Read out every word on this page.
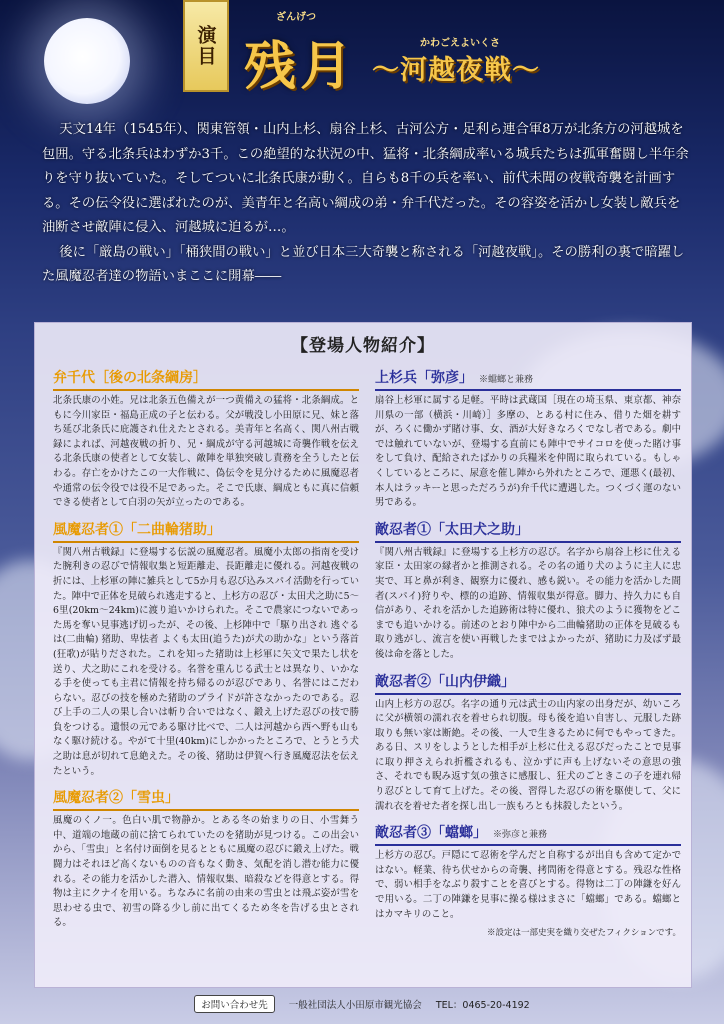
演目
ざんげつ
残月	かわごえよいくさ
～河越夜戦～

天文14年（1545年）、関東管領・山内上杉、扇谷上杉、古河公方・足利ら連合軍8万が北条方の河越城を包囲。守る北条兵はわずか3千。この絶望的な状況の中、猛将・北条綱成率いる城兵たちは孤軍奮闘し半年余りを守り抜いていた。そしてついに北条氏康が動く。自らも8千の兵を率い、前代未聞の夜戦奇襲を計画する。その伝令役に選ばれたのが、美青年と名高い綱成の弟・弁千代だった。その容姿を活かし女装し敵兵を油断させ敵陣に侵入、河越城に迫るが…。

後に「厳島の戦い」「桶狭間の戦い」と並び日本三大奇襲と称される「河越夜戦」。その勝利の裏で暗躍した風魔忍者達の物語いまここに開幕――

【登場人物紹介】
弁千代［後の北条綱房］
北条氏康の小姓。兄は北条五色備えが一つ黄備えの猛将・北条綱成。ともに今川家臣・福島正成の子と伝わる。父が戦没し小田原に兄、妹と落ち延び北条氏に庇護され仕えたとされる。美青年と名高く、関八州古戦録によれば、河越夜戦の折り、兄・綱成が守る河越城に奇襲作戦を伝える北条氏康の使者として女装し、敵陣を単独突破し責務を全うしたと伝わる。存亡をかけたこの一大作戦に、偽伝令を見分けるために風魔忍者や通常の伝令役では役不足であった。そこで氏康、綱成ともに真に信頼できる使者として白羽の矢が立ったのである。
風魔忍者①「二曲輪猪助」
『関八州古戦録』に登場する伝説の風魔忍者。風魔小太郎の指南を受けた腕利きの忍びで情報収集と短距離走、長距離走に優れる。河越夜戦の折には、上杉軍の陣に雑兵として5か月も忍び込みスパイ活動を行っていた。陣中で正体を見破られ逃走すると、上杉方の忍び・太田犬之助に5～6里(20km～24km)に渡り追いかけられた。そこで農家につないであった馬を奪い見事逃げ切ったが、その後、上杉陣中で「駆り出され 逃ぐるは(二曲輪) 猪助、卑怯者 よくも太田(追うた)が犬の助かな」という落首(狂歌)が貼りだされた。これを知った猪助は上杉軍に矢文で果たし状を送り、犬之助にこれを受ける。名誉を重んじる武士とは異なり、いかなる手を使っても主君に情報を持ち帰るのが忍びであり、名誉にはこだわらない。忍びの技を極めた猪助のプライドが許さなかったのである。忍び上手の二人の果し合いは斬り合いではなく、鍛え上げた忍びの技で勝負をつける。遺恨の元である駆け比べで、二人は河越から西へ野も山もなく駆け続ける。やがて十里(40km)にしかかったところで、とうとう犬之助は息が切れて息絶えた。その後、猪助は伊賀へ行き風魔忍法を伝えたという。
風魔忍者②「雪虫」
風魔のくノ一。色白い肌で物静か。とある冬の始まりの日、小雪舞う中、道端の地蔵の前に捨てられていたのを猪助が見つける。この出会いから、「雪虫」と名付け面倒を見るとともに風魔の忍びに鍛え上げた。戦闘力はそれほど高くないものの音もなく動き、気配を消し潜む能力に優れる。その能力を活かした潜入、情報収集、暗殺などを得意とする。得物は主にクナイを用いる。ちなみに名前の由来の雪虫とは飛ぶ姿が雪を思わせる虫で、初雪の降る少し前に出てくるため冬を告げる虫とされる。
上杉兵「弥彦」 ※蟷螂と兼務
扇谷上杉軍に属する足軽。平時は武蔵国［現在の埼玉県、東京都、神奈川県の一部（横浜・川崎）］多摩の、とある村に住み、借りた畑を耕すが、ろくに働かず賭け事、女、酒が大好きなろくでなし者である。劇中では触れていないが、登場する直前にも陣中でサイコロを使った賭け事をして負け、配給されたばかりの兵糧米を仲間に取られている。もしゃくしているところに、尿意を催し陣から外れたところで、運悪く(最初、本人はラッキーと思っただろうが)弁千代に遭遇した。つくづく運のない男である。
敵忍者①「太田犬之助」
『関八州古戦録』に登場する上杉方の忍び。名字から扇谷上杉に仕える家臣・太田家の縁者かと推測される。その名の通り犬のように主人に忠実で、耳と鼻が利き、観察力に優れ、感も鋭い。その能力を活かした間者(スパイ)狩りや、標的の追跡、情報収集が得意。脚力、持久力にも自信があり、それを活かした追跡術は特に優れ、狼犬のように獲物をどこまでも追いかける。前述のとおり陣中から二曲輪猪助の正体を見破るも取り逃がし、流言を使い再戦したまではよかったが、猪助に力及ばず最後は命を落とした。
敵忍者②「山内伊織」
山内上杉方の忍び。名字の通り元は武士の山内家の出身だが、幼いころに父が横領の濡れ衣を着せられ切腹。母も後を追い自害し、元服した跡取りも無い家は断絶。その後、一人で生きるために何でもやってきた。ある日、スリをしようとした相手が上杉に仕える忍びだったことで見事に取り押さえられ折檻されるも、泣かずに声も上げないその意思の強さ、それでも睨み返す気の強さに感服し、狂犬のごときこの子を連れ帰り忍びとして育て上げた。その後、習得した忍びの術を駆使して、父に濡れ衣を着せた者を探し出し一族もろとも抹殺したという。
敵忍者③「蟷螂」 ※弥彦と兼務
上杉方の忍び。戸隠にて忍術を学んだと自称するが出自も含めて定かではない。軽業、待ち伏せからの奇襲、拷問術を得意とする。残忍な性格で、弱い相手をなぶり殺すことを喜びとする。得物は二丁の陣鎌を好んで用いる。二丁の陣鎌を見事に操る様はまさに「蟷螂」である。蟷螂とはカマキリのこと。
※設定は一部史実を織り交ぜたフィクションです。
お問い合わせ先	一般社団法人小田原市観光協会 TEL：0465-20-4192
